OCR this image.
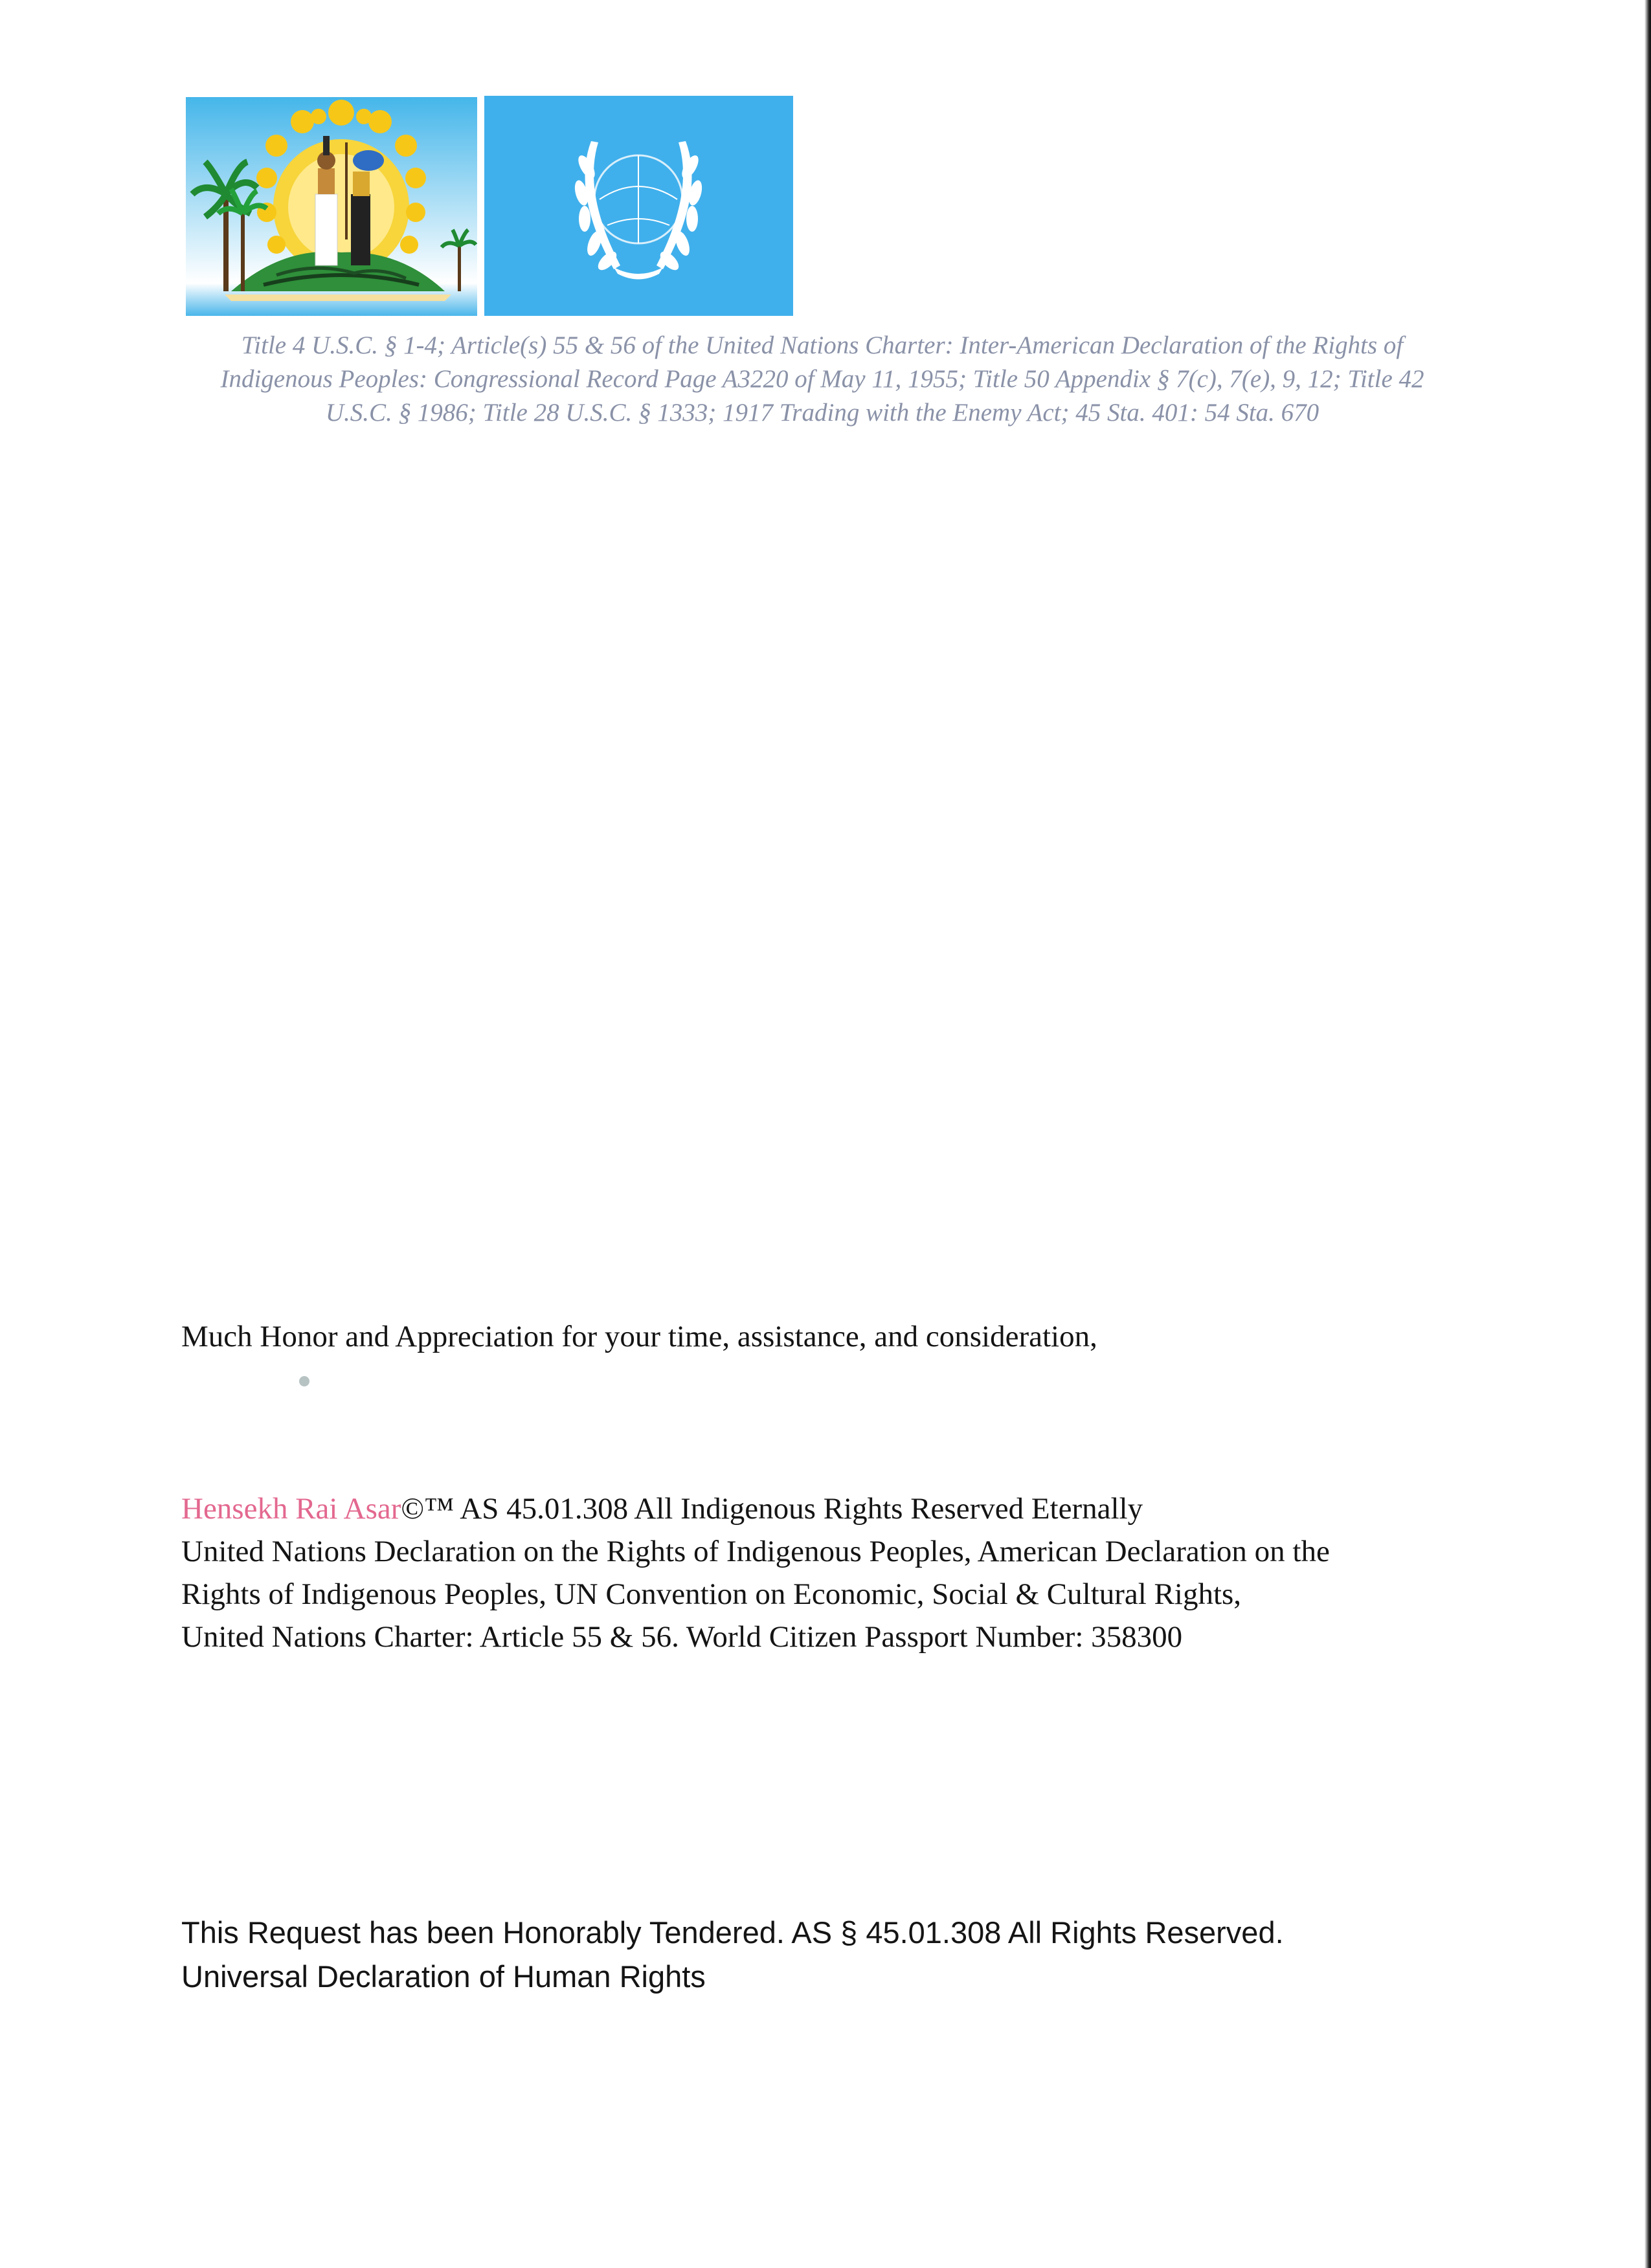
Title 4 U.S.C. § 1-4; Article(s) 55 & 56 of the United Nations Charter: Inter-American Declaration of the Rights of Indigenous Peoples: Congressional Record Page A3220 of May 11, 1955; Title 50 Appendix § 7(c), 7(e), 9, 12; Title 42 U.S.C. § 1986; Title 28 U.S.C. § 1333; 1917 Trading with the Enemy Act; 45 Sta. 401: 54 Sta. 670
Much Honor and Appreciation for your time, assistance, and consideration,
Hensekh Rai Asar©™ AS 45.01.308 All Indigenous Rights Reserved Eternally
United Nations Declaration on the Rights of Indigenous Peoples, American Declaration on the
Rights of Indigenous Peoples, UN Convention on Economic, Social & Cultural Rights,
United Nations Charter: Article 55 & 56. World Citizen Passport Number: 358300
This Request has been Honorably Tendered. AS § 45.01.308 All Rights Reserved.
Universal Declaration of Human Rights
